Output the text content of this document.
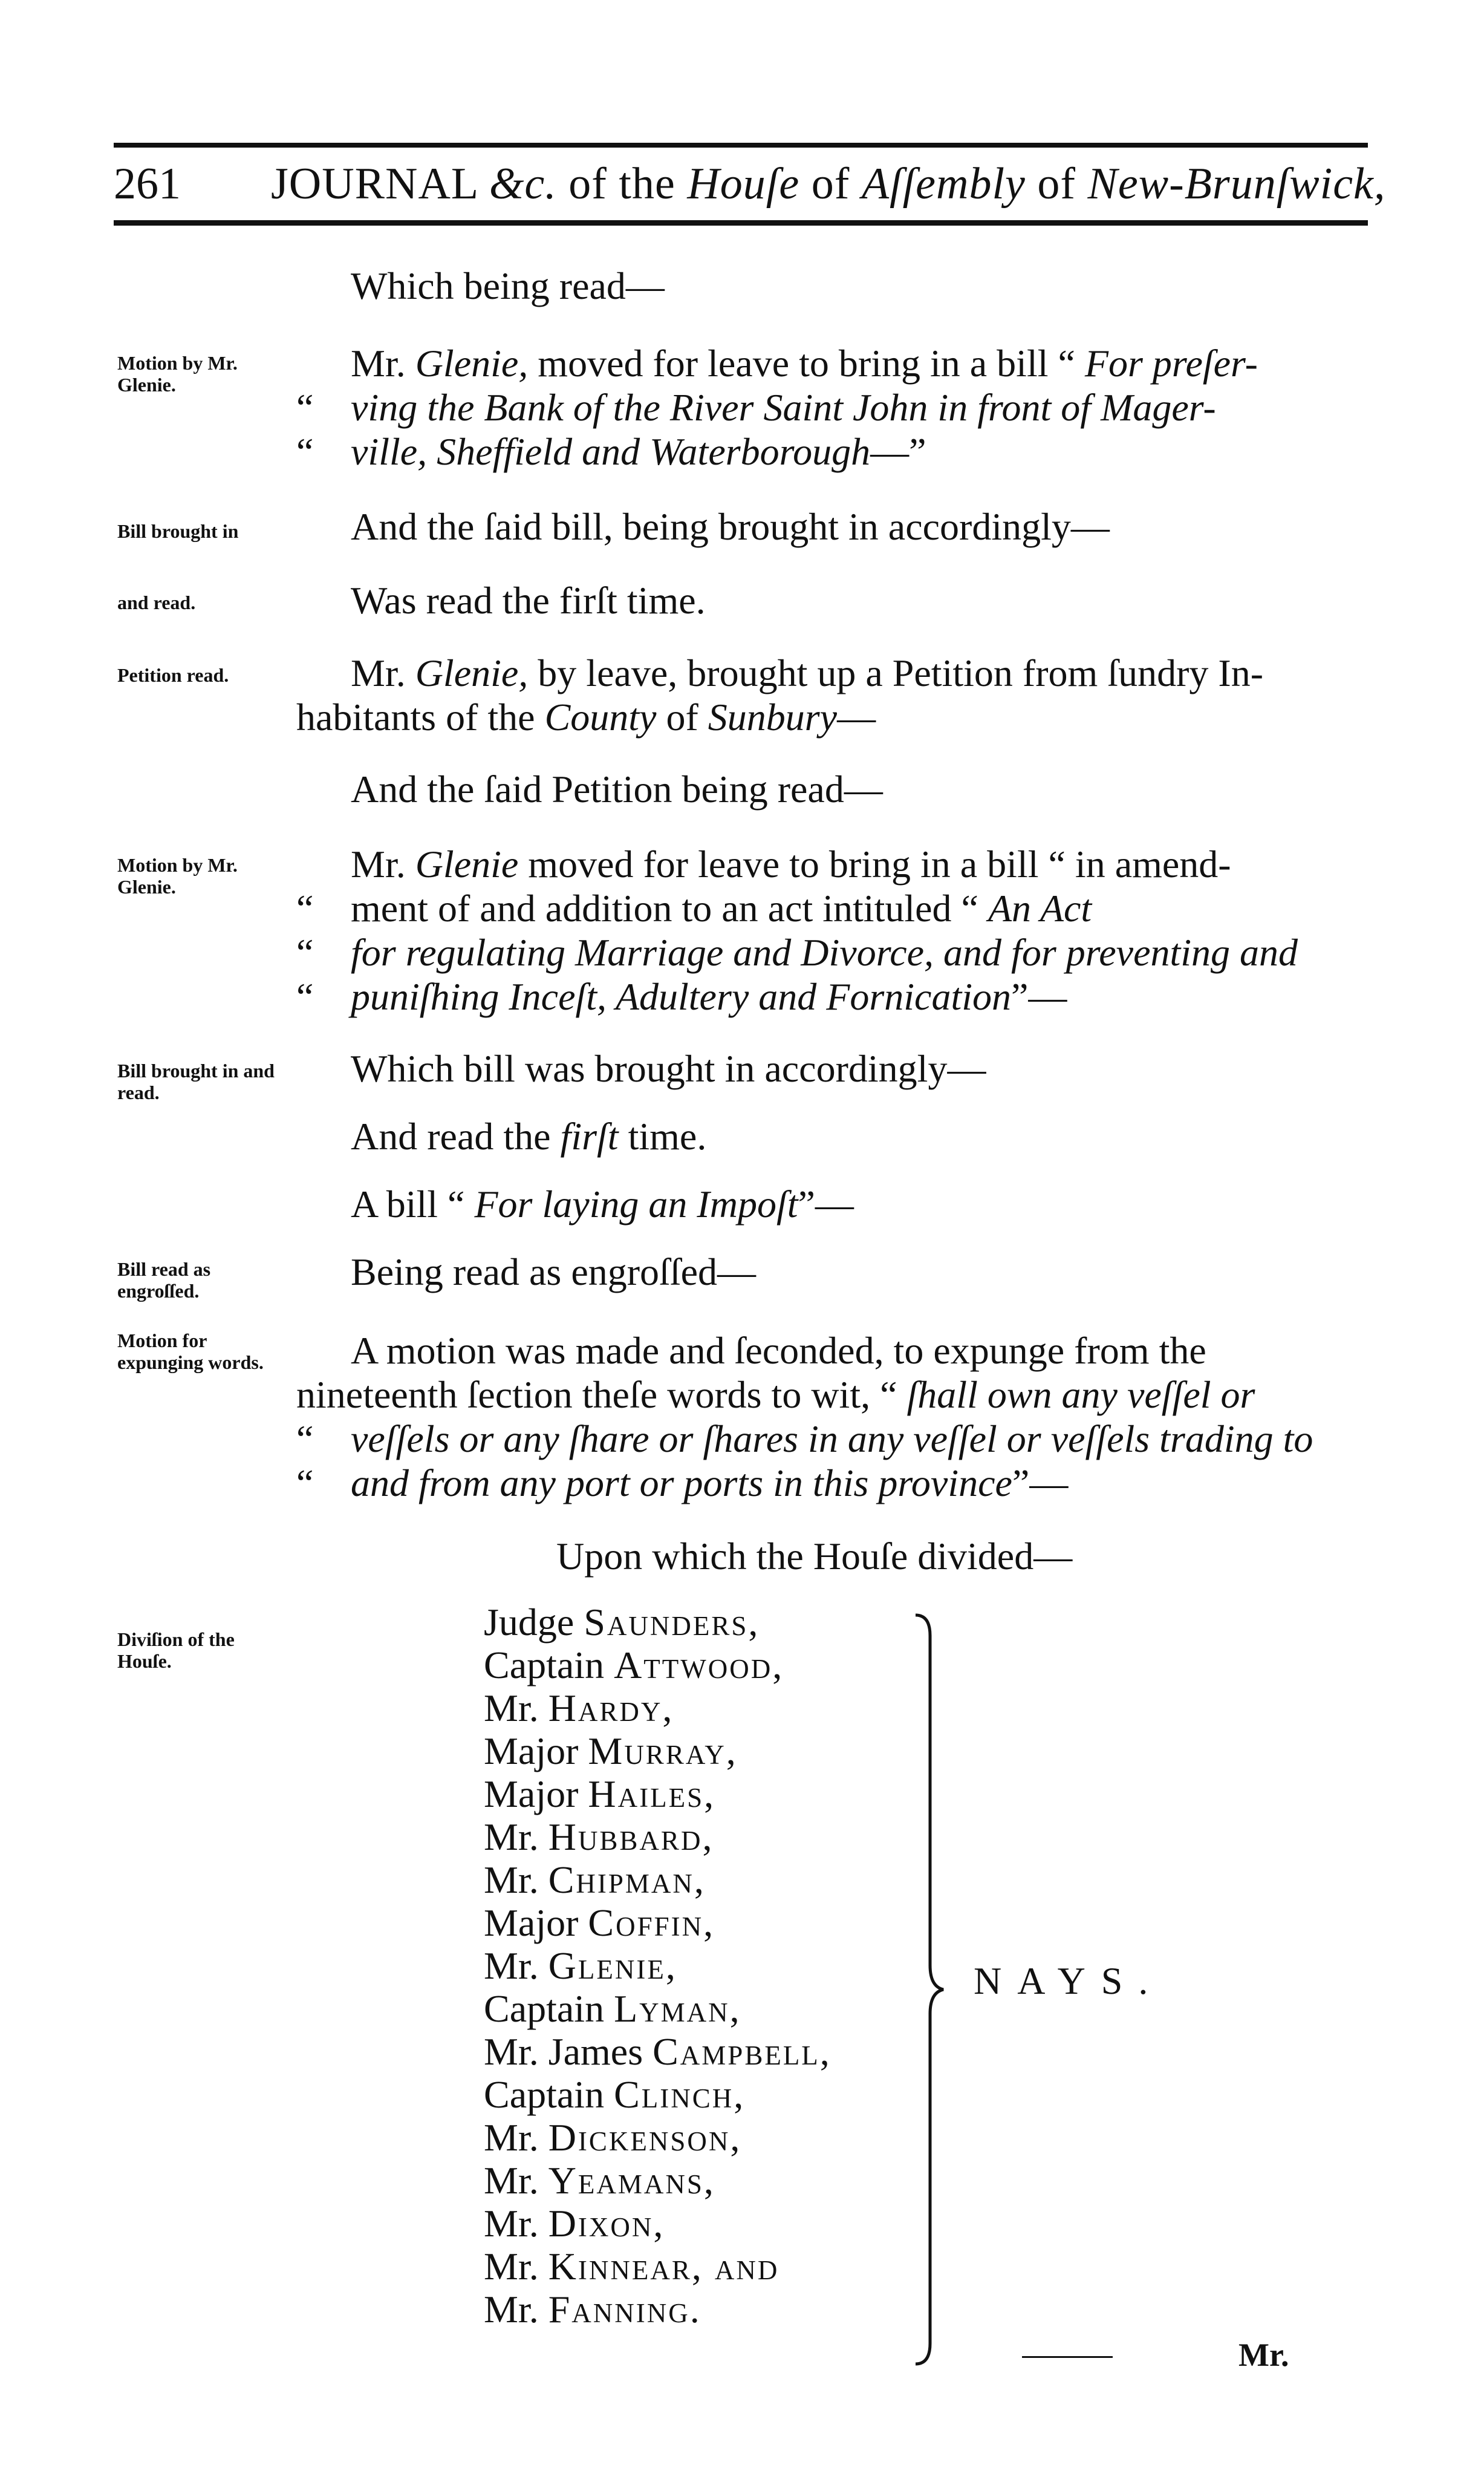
261 JOURNAL &c. of the Houſe of Aſſembly of New-Brunſwick,
Motion by Mr. Glenie.
Bill brought in
and read.
Petition read.
Motion by Mr. Glenie.
Bill brought in and read.
Bill read as engroſſed.
Motion for expunging words.
Diviſion of the Houſe.
Which being read—
Mr. Glenie, moved for leave to bring in a bill “ For preſer-
“ ving the Bank of the River Saint John in front of Mager-
“ ville, Sheffield and Waterborough—”
And the ſaid bill, being brought in accordingly—
Was read the firſt time.
Mr. Glenie, by leave, brought up a Petition from ſundry In-
habitants of the County of Sunbury—
And the ſaid Petition being read—
Mr. Glenie moved for leave to bring in a bill “ in amend-
“ ment of and addition to an act intituled “ An Act
“ for regulating Marriage and Divorce, and for preventing and
“ puniſhing Inceſt, Adultery and Fornication”—
Which bill was brought in accordingly—
And read the firſt time.
A bill “ For laying an Impoſt”—
Being read as engroſſed—
A motion was made and ſeconded, to expunge from the
nineteenth ſection theſe words to wit, “ ſhall own any veſſel or
“ veſſels or any ſhare or ſhares in any veſſel or veſſels trading to
“ and from any port or ports in this province”—
Upon which the Houſe divided—
Judge Saunders,
Captain Attwood,
Mr. Hardy,
Major Murray,
Major Hailes,
Mr. Hubbard,
Mr. Chipman,
Major Coffin,
Mr. Glenie,
Captain Lyman,
Mr. James Campbell,
Captain Clinch,
Mr. Dickenson,
Mr. Yeamans,
Mr. Dixon,
Mr. Kinnear, and
Mr. Fanning.
NAYS.
Mr.
